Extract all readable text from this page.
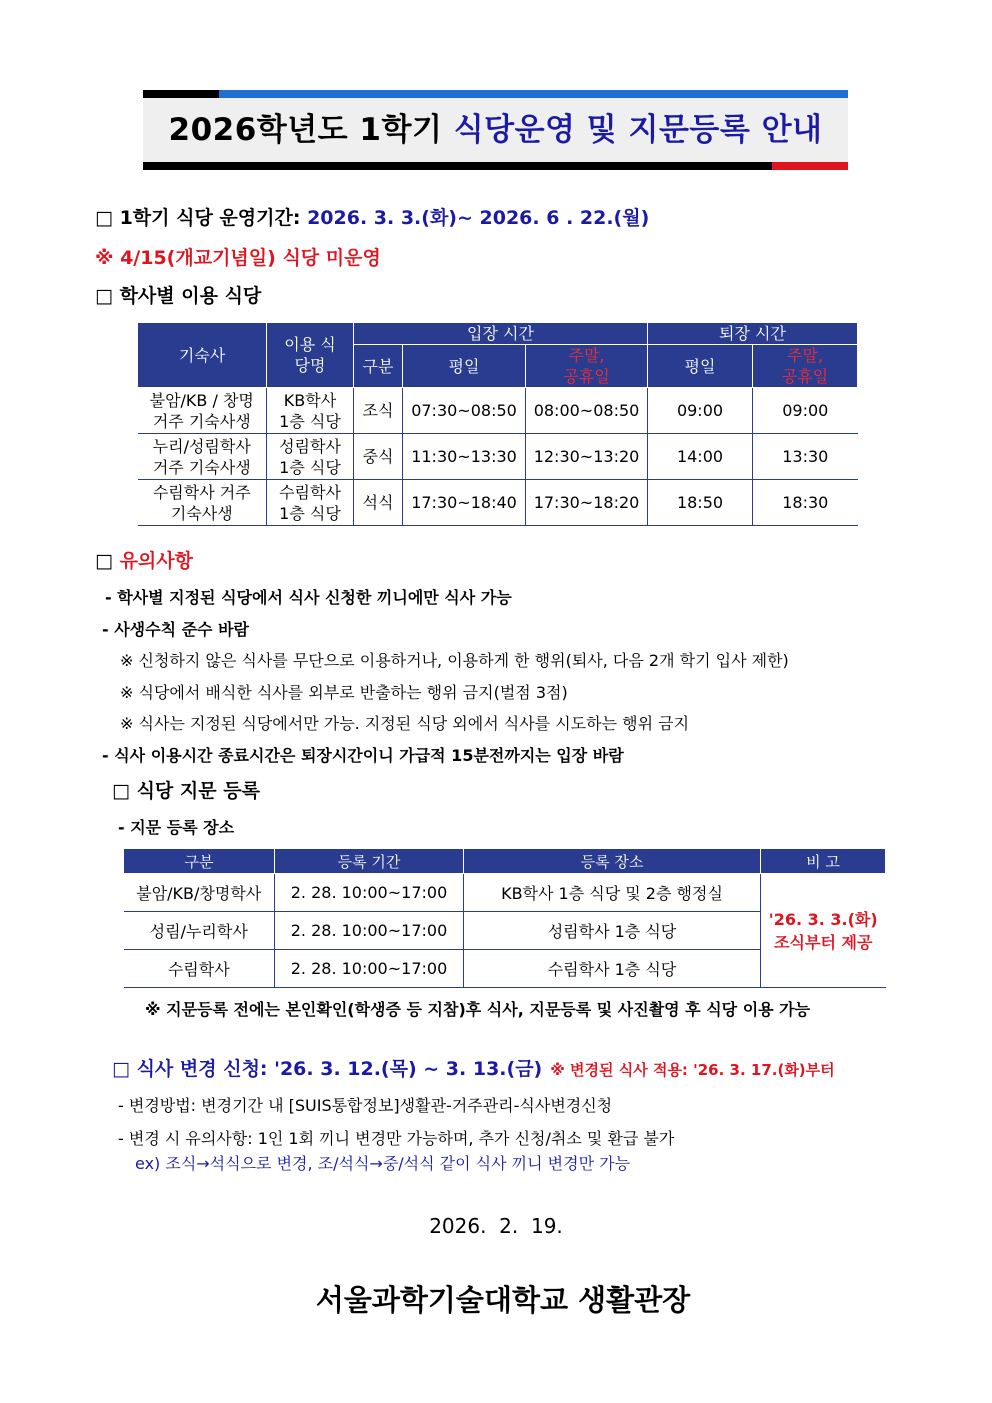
2026학년도 1학기 식당운영 및 지문등록 안내
□ 1학기 식당 운영기간: 2026. 3. 3.(화)~ 2026. 6 . 22.(월)
※ 4/15(개교기념일) 식당 미운영
□ 학사별 이용 식당
기숙사	이용 식당명	입장 시간			퇴장 시간	
		구분	평일	주말, 공휴일	평일	주말, 공휴일
불암/KB / 창명 거주 기숙사생	KB학사 1층 식당	조식	07:30~08:50	08:00~08:50	09:00	09:00
누리/성림학사 거주 기숙사생	성림학사 1층 식당	중식	11:30~13:30	12:30~13:20	14:00	13:30
수림학사 거주 기숙사생	수림학사 1층 식당	석식	17:30~18:40	17:30~18:20	18:50	18:30
□ 유의사항
- 학사별 지정된 식당에서 식사 신청한 끼니에만 식사 가능
- 사생수칙 준수 바람
※ 신청하지 않은 식사를 무단으로 이용하거나, 이용하게 한 행위(퇴사, 다음 2개 학기 입사 제한)
※ 식당에서 배식한 식사를 외부로 반출하는 행위 금지(벌점 3점)
※ 식사는 지정된 식당에서만 가능. 지정된 식당 외에서 식사를 시도하는 행위 금지
- 식사 이용시간 종료시간은 퇴장시간이니 가급적 15분전까지는 입장 바람
□ 식당 지문 등록
- 지문 등록 장소
구분	등록 기간	등록 장소	비 고
불암/KB/창명학사	2. 28. 10:00~17:00	KB학사 1층 식당 및 2층 행정실	'26. 3. 3.(화)
조식부터 제공

성림/누리학사	2. 28. 10:00~17:00	성림학사 1층 식당	
수림학사	2. 28. 10:00~17:00	수림학사 1층 식당	
※ 지문등록 전에는 본인확인(학생증 등 지참)후 식사, 지문등록 및 사진촬영 후 식당 이용 가능
□ 식사 변경 신청: '26. 3. 12.(목) ~ 3. 13.(금) ※ 변경된 식사 적용: '26. 3. 17.(화)부터
- 변경방법: 변경기간 내 [SUIS통합정보]생활관-거주관리-식사변경신청
- 변경 시 유의사항: 1인 1회 끼니 변경만 가능하며, 추가 신청/취소 및 환급 불가
ex) 조식→석식으로 변경, 조/석식→중/석식 같이 식사 끼니 변경만 가능
2026.  2.  19.
서울과학기술대학교 생활관장
